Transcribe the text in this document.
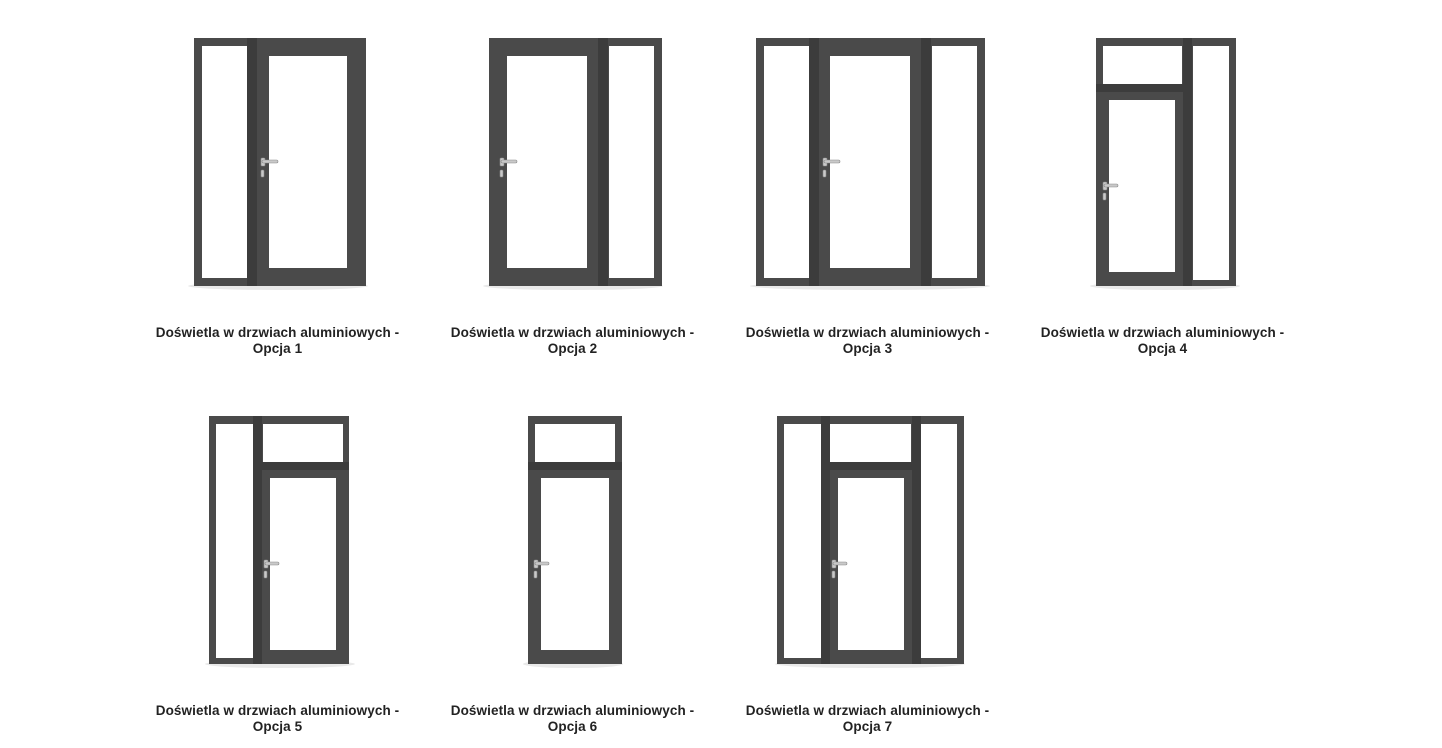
Doświetla w drzwiach aluminiowych -
Opcja 1
Doświetla w drzwiach aluminiowych -
Opcja 2
Doświetla w drzwiach aluminiowych -
Opcja 3
Doświetla w drzwiach aluminiowych -
Opcja 4
Doświetla w drzwiach aluminiowych -
Opcja 5
Doświetla w drzwiach aluminiowych -
Opcja 6
Doświetla w drzwiach aluminiowych -
Opcja 7
